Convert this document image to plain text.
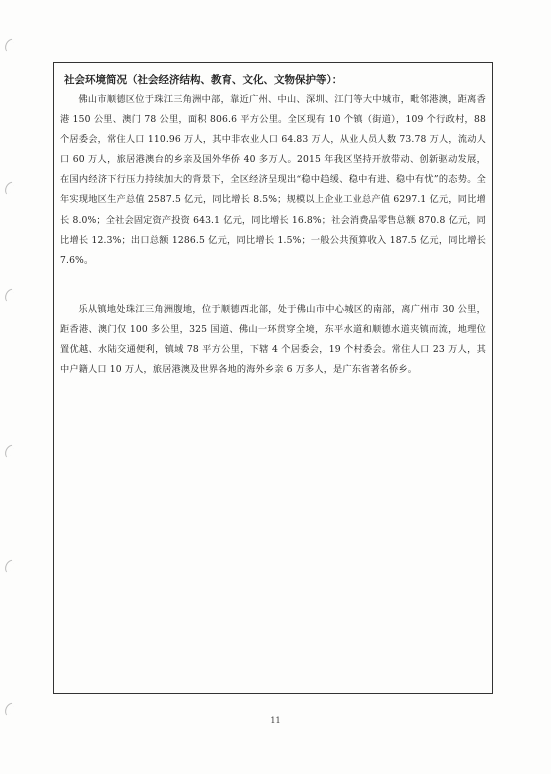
社会环境简况（社会经济结构、教育、文化、文物保护等）：

佛山市顺德区位于珠江三角洲中部，靠近广州、中山、深圳、江门等大中城市，毗邻港澳，距离香港 150 公里、澳门 78 公里，面积 806.6 平方公里。全区现有 10 个镇（街道），109 个行政村，88 个居委会，常住人口 110.96 万人，其中非农业人口 64.83 万人，从业人员人数 73.78 万人，流动人口 60 万人，旅居港澳台的乡亲及国外华侨 40 多万人。2015 年我区坚持开放带动、创新驱动发展，在国内经济下行压力持续加大的背景下，全区经济呈现出“稳中趋缓、稳中有进、稳中有忧”的态势。全年实现地区生产总值 2587.5 亿元，同比增长 8.5%；规模以上企业工业总产值 6297.1 亿元，同比增长 8.0%；全社会固定资产投资 643.1 亿元，同比增长 16.8%；社会消费品零售总额 870.8 亿元，同比增长 12.3%；出口总额 1286.5 亿元，同比增长 1.5%；一般公共预算收入 187.5 亿元，同比增长 7.6%。

乐从镇地处珠江三角洲腹地，位于顺德西北部，处于佛山市中心城区的南部，离广州市 30 公里，距香港、澳门仅 100 多公里，325 国道、佛山一环贯穿全境，东平水道和顺德水道夹镇而流，地理位置优越、水陆交通便利，镇域 78 平方公里，下辖 4 个居委会，19 个村委会。常住人口 23 万人，其中户籍人口 10 万人，旅居港澳及世界各地的海外乡亲 6 万多人，是广东省著名侨乡。

11
